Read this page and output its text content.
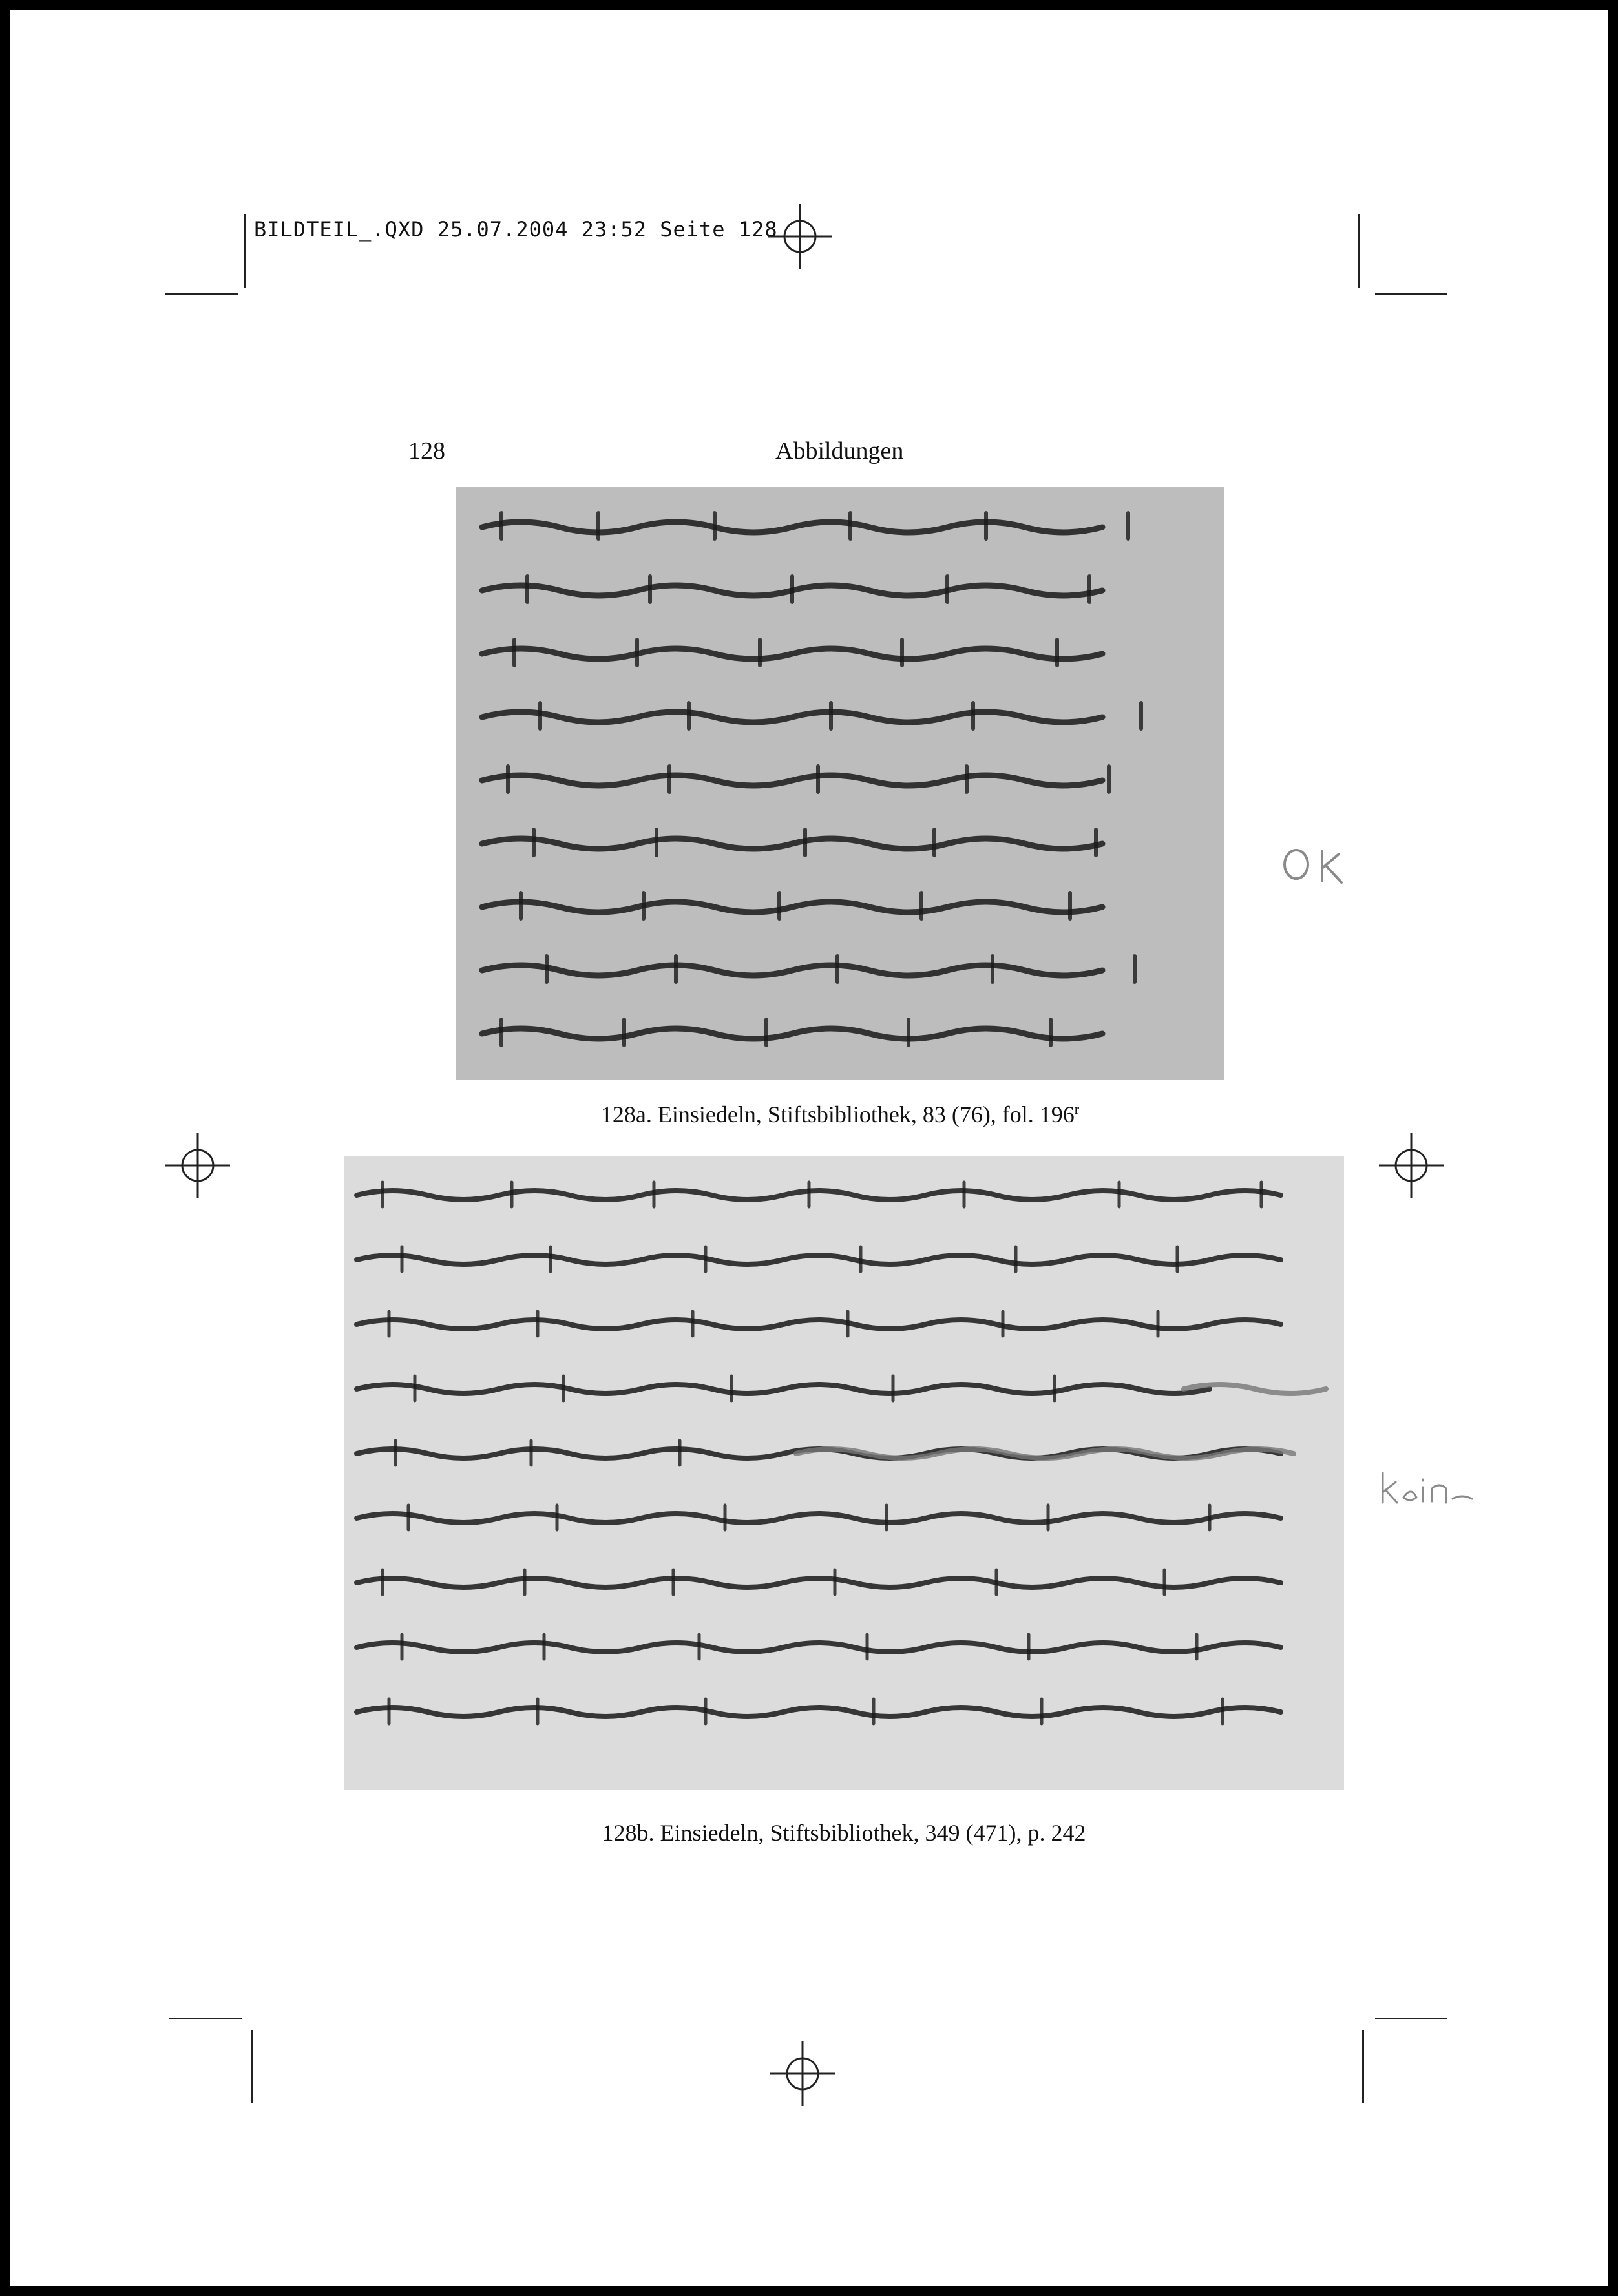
BILDTEIL_.QXD 25.07.2004 23:52 Seite 128
128	Abbildungen
128a. Einsiedeln, Stiftsbibliothek, 83 (76), fol. 196$^r$
128b. Einsiedeln, Stiftsbibliothek, 349 (471), p. 242
